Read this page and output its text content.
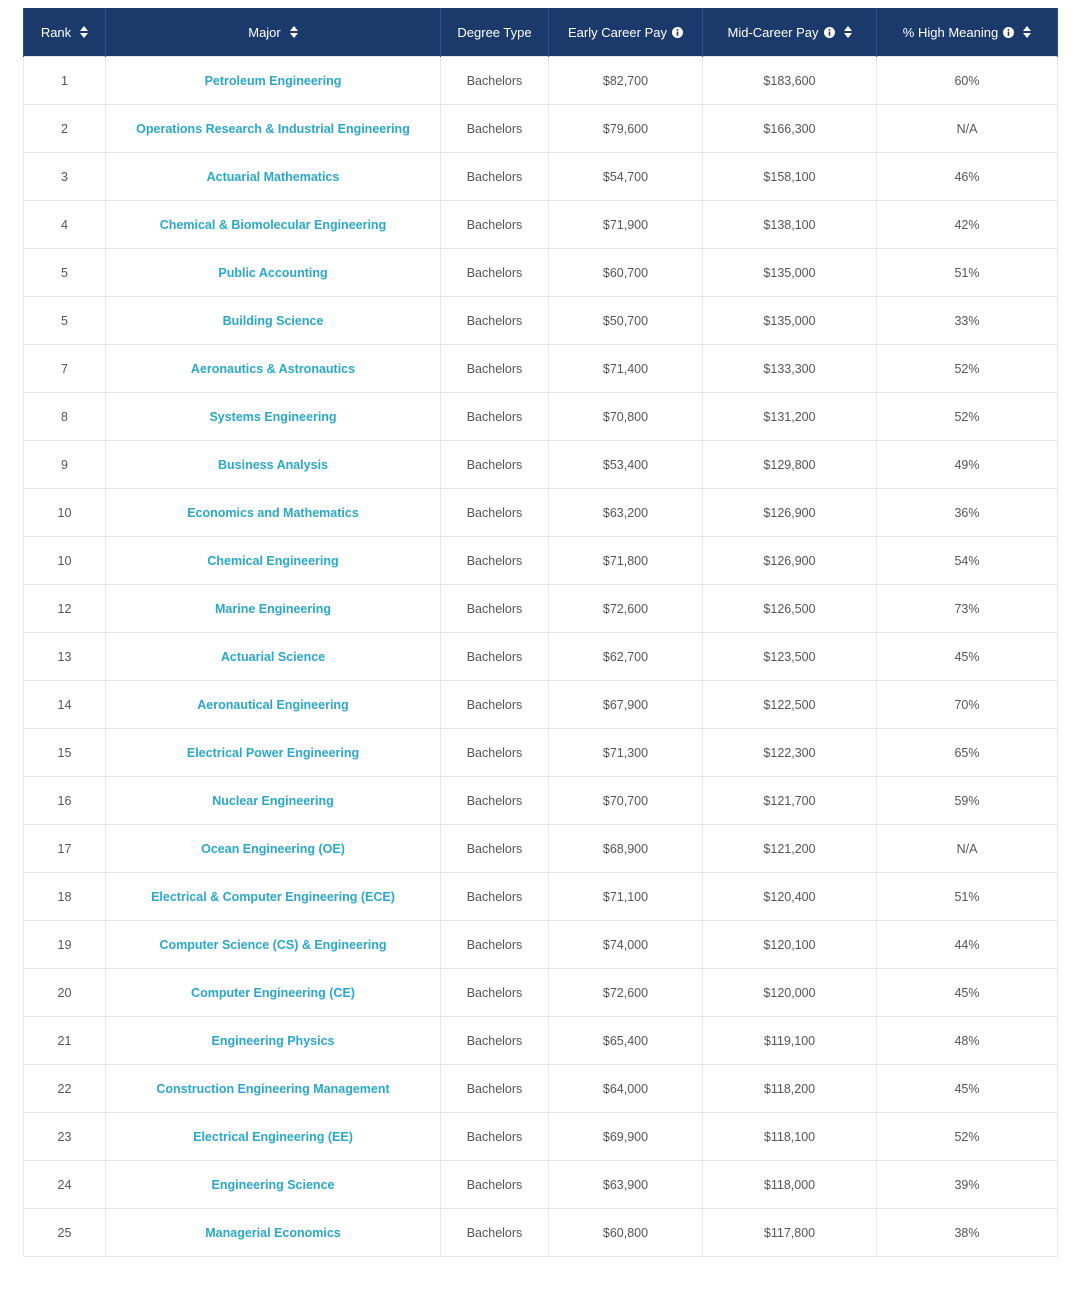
Rank	Major	Degree Type	Early Career Pay	Mid-Career Pay	% High Meaning

1	Petroleum Engineering	Bachelors	$82,700	$183,600	60%
2	Operations Research & Industrial Engineering	Bachelors	$79,600	$166,300	N/A
3	Actuarial Mathematics	Bachelors	$54,700	$158,100	46%
4	Chemical & Biomolecular Engineering	Bachelors	$71,900	$138,100	42%
5	Public Accounting	Bachelors	$60,700	$135,000	51%
5	Building Science	Bachelors	$50,700	$135,000	33%
7	Aeronautics & Astronautics	Bachelors	$71,400	$133,300	52%
8	Systems Engineering	Bachelors	$70,800	$131,200	52%
9	Business Analysis	Bachelors	$53,400	$129,800	49%
10	Economics and Mathematics	Bachelors	$63,200	$126,900	36%
10	Chemical Engineering	Bachelors	$71,800	$126,900	54%
12	Marine Engineering	Bachelors	$72,600	$126,500	73%
13	Actuarial Science	Bachelors	$62,700	$123,500	45%
14	Aeronautical Engineering	Bachelors	$67,900	$122,500	70%
15	Electrical Power Engineering	Bachelors	$71,300	$122,300	65%
16	Nuclear Engineering	Bachelors	$70,700	$121,700	59%
17	Ocean Engineering (OE)	Bachelors	$68,900	$121,200	N/A
18	Electrical & Computer Engineering (ECE)	Bachelors	$71,100	$120,400	51%
19	Computer Science (CS) & Engineering	Bachelors	$74,000	$120,100	44%
20	Computer Engineering (CE)	Bachelors	$72,600	$120,000	45%
21	Engineering Physics	Bachelors	$65,400	$119,100	48%
22	Construction Engineering Management	Bachelors	$64,000	$118,200	45%
23	Electrical Engineering (EE)	Bachelors	$69,900	$118,100	52%
24	Engineering Science	Bachelors	$63,900	$118,000	39%
25	Managerial Economics	Bachelors	$60,800	$117,800	38%
